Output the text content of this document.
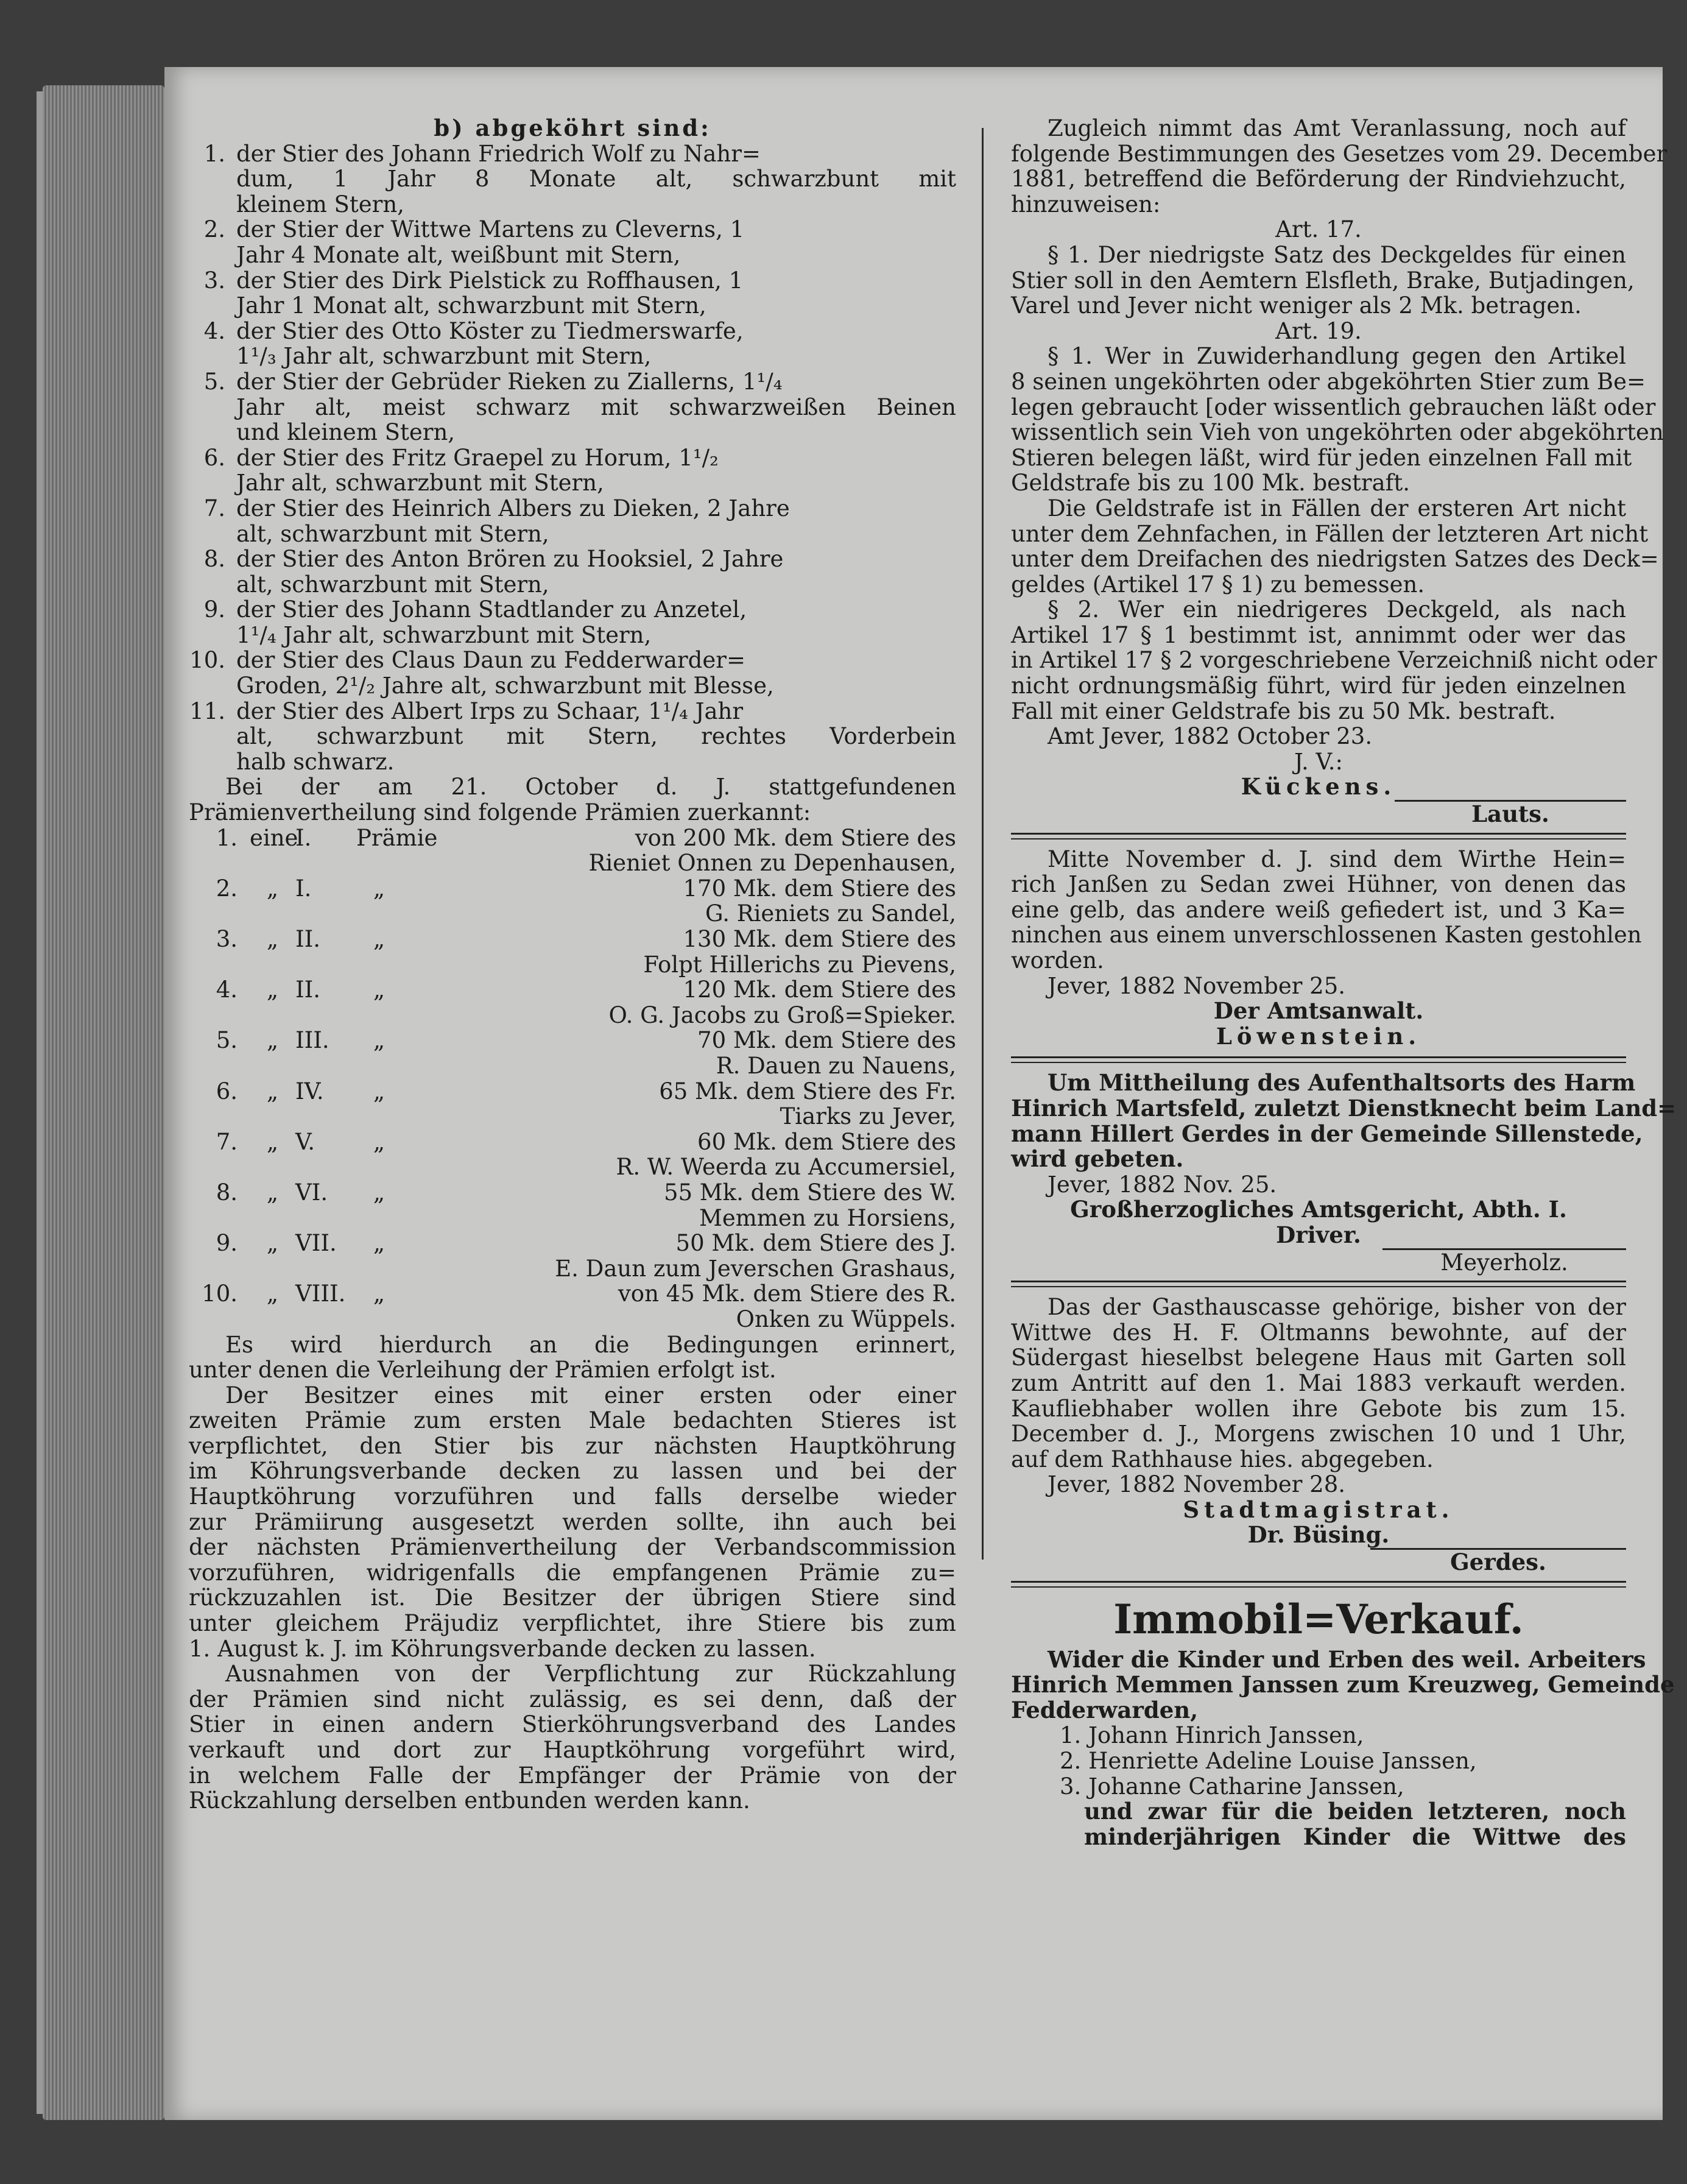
b) abgeköhrt sind:
1. der Stier des Johann Friedrich Wolf zu Nahr=
dum, 1 Jahr 8 Monate alt, schwarzbunt mit
kleinem Stern,
2. der Stier der Wittwe Martens zu Cleverns, 1
Jahr 4 Monate alt, weißbunt mit Stern,
3. der Stier des Dirk Pielstick zu Roffhausen, 1
Jahr 1 Monat alt, schwarzbunt mit Stern,
4. der Stier des Otto Köster zu Tiedmerswarfe,
1¹/₃ Jahr alt, schwarzbunt mit Stern,
5. der Stier der Gebrüder Rieken zu Ziallerns, 1¹/₄
Jahr alt, meist schwarz mit schwarzweißen Beinen
und kleinem Stern,
6. der Stier des Fritz Graepel zu Horum, 1¹/₂
Jahr alt, schwarzbunt mit Stern,
7. der Stier des Heinrich Albers zu Dieken, 2 Jahre
alt, schwarzbunt mit Stern,
8. der Stier des Anton Brören zu Hooksiel, 2 Jahre
alt, schwarzbunt mit Stern,
9. der Stier des Johann Stadtlander zu Anzetel,
1¹/₄ Jahr alt, schwarzbunt mit Stern,
10. der Stier des Claus Daun zu Fedderwarder=
Groden, 2¹/₂ Jahre alt, schwarzbunt mit Blesse,
11. der Stier des Albert Irps zu Schaar, 1¹/₄ Jahr
alt, schwarzbunt mit Stern, rechtes Vorderbein
halb schwarz.
Bei der am 21. October d. J. stattgefundenen
Prämienvertheilung sind folgende Prämien zuerkannt:
1. eine
I.	Prämie	von 200 Mk. dem Stiere des
Rieniet Onnen zu Depenhausen,
2.	„ I.	„	170 Mk. dem Stiere des
G. Rieniets zu Sandel,
3.	„ II.	„	130 Mk. dem Stiere des
Folpt Hillerichs zu Pievens,
4.	„ II.	„	120 Mk. dem Stiere des
O. G. Jacobs zu Groß=Spieker.
5.	„ III.	„	70 Mk. dem Stiere des
R. Dauen zu Nauens,
6.	„ IV.	„	65 Mk. dem Stiere des Fr.
Tiarks zu Jever,
7.	„ V.	„	60 Mk. dem Stiere des
R. W. Weerda zu Accumersiel,
8.	„ VI.	„	55 Mk. dem Stiere des W.
Memmen zu Horsiens,
9.	„ VII.	„	50 Mk. dem Stiere des J.
E. Daun zum Jeverschen Grashaus,
10.	„ VIII.	„	von 45 Mk. dem Stiere des R.
Onken zu Wüppels.
Es wird hierdurch an die Bedingungen erinnert,
unter denen die Verleihung der Prämien erfolgt ist.
Der Besitzer eines mit einer ersten oder einer
zweiten Prämie zum ersten Male bedachten Stieres ist
verpflichtet, den Stier bis zur nächsten Hauptköhrung
im Köhrungsverbande decken zu lassen und bei der
Hauptköhrung vorzuführen und falls derselbe wieder
zur Prämiirung ausgesetzt werden sollte, ihn auch bei
der nächsten Prämienvertheilung der Verbandscommission
vorzuführen, widrigenfalls die empfangenen Prämie zu=
rückzuzahlen ist. Die Besitzer der übrigen Stiere sind
unter gleichem Präjudiz verpflichtet, ihre Stiere bis zum
1. August k. J. im Köhrungsverbande decken zu lassen.
Ausnahmen von der Verpflichtung zur Rückzahlung
der Prämien sind nicht zulässig, es sei denn, daß der
Stier in einen andern Stierköhrungsverband des Landes
verkauft und dort zur Hauptköhrung vorgeführt wird,
in welchem Falle der Empfänger der Prämie von der
Rückzahlung derselben entbunden werden kann.
Zugleich nimmt das Amt Veranlassung, noch auf
folgende Bestimmungen des Gesetzes vom 29. December
1881, betreffend die Beförderung der Rindviehzucht,
hinzuweisen:
Art. 17.
§ 1. Der niedrigste Satz des Deckgeldes für einen
Stier soll in den Aemtern Elsfleth, Brake, Butjadingen,
Varel und Jever nicht weniger als 2 Mk. betragen.
Art. 19.
§ 1. Wer in Zuwiderhandlung gegen den Artikel
8 seinen ungeköhrten oder abgeköhrten Stier zum Be=
legen gebraucht [oder wissentlich gebrauchen läßt oder
wissentlich sein Vieh von ungeköhrten oder abgeköhrten
Stieren belegen läßt, wird für jeden einzelnen Fall mit
Geldstrafe bis zu 100 Mk. bestraft.
Die Geldstrafe ist in Fällen der ersteren Art nicht
unter dem Zehnfachen, in Fällen der letzteren Art nicht
unter dem Dreifachen des niedrigsten Satzes des Deck=
geldes (Artikel 17 § 1) zu bemessen.
§ 2. Wer ein niedrigeres Deckgeld, als nach
Artikel 17 § 1 bestimmt ist, annimmt oder wer das
in Artikel 17 § 2 vorgeschriebene Verzeichniß nicht oder
nicht ordnungsmäßig führt, wird für jeden einzelnen
Fall mit einer Geldstrafe bis zu 50 Mk. bestraft.
Amt Jever, 1882 October 23.
J. V.:
Kückens.
Lauts.
Mitte November d. J. sind dem Wirthe Hein=
rich Janßen zu Sedan zwei Hühner, von denen das
eine gelb, das andere weiß gefiedert ist, und 3 Ka=
ninchen aus einem unverschlossenen Kasten gestohlen
worden.
Jever, 1882 November 25.
Der Amtsanwalt.
Löwenstein.
Um Mittheilung des Aufenthaltsorts des Harm
Hinrich Martsfeld, zuletzt Dienstknecht beim Land=
mann Hillert Gerdes in der Gemeinde Sillenstede,
wird gebeten.
Jever, 1882 Nov. 25.
Großherzogliches Amtsgericht, Abth. I.
Driver.
Meyerholz.
Das der Gasthauscasse gehörige, bisher von der
Wittwe des H. F. Oltmanns bewohnte, auf der
Südergast hieselbst belegene Haus mit Garten soll
zum Antritt auf den 1. Mai 1883 verkauft werden.
Kaufliebhaber wollen ihre Gebote bis zum 15.
December d. J., Morgens zwischen 10 und 1 Uhr,
auf dem Rathhause hies. abgegeben.
Jever, 1882 November 28.
Stadtmagistrat.
Dr. Büsing.
Gerdes.
Immobil=Verkauf.
Wider die Kinder und Erben des weil. Arbeiters
Hinrich Memmen Janssen zum Kreuzweg, Gemeinde
Fedderwarden,
1. Johann Hinrich Janssen,
2. Henriette Adeline Louise Janssen,
3. Johanne Catharine Janssen,
und zwar für die beiden letzteren, noch
minderjährigen Kinder die Wittwe des
